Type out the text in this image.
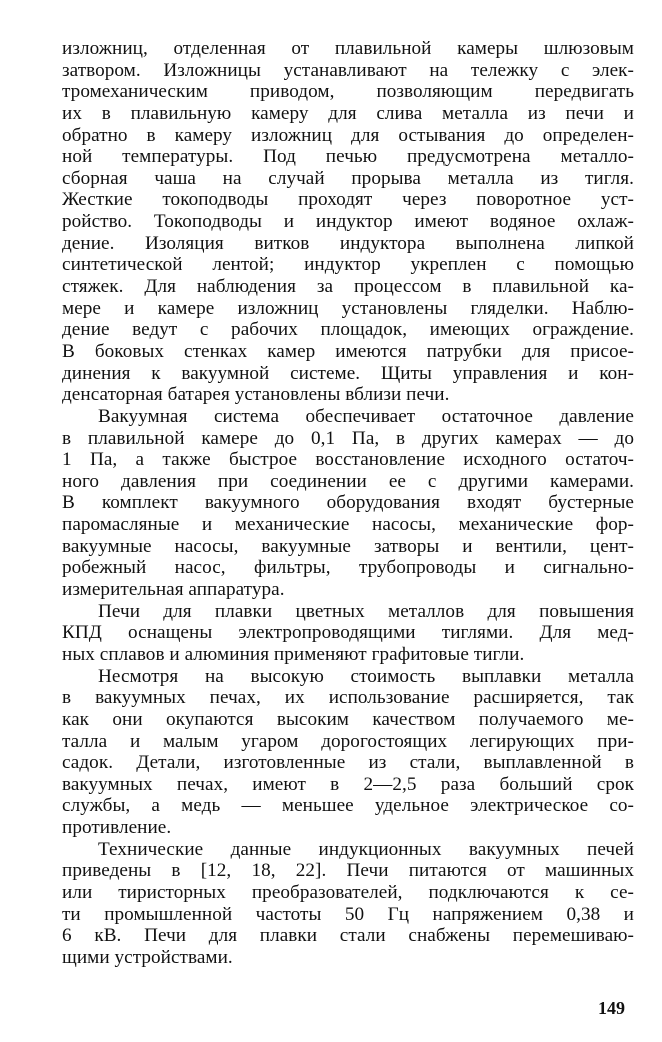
изложниц, отделенная от плавильной камеры шлюзовым
затвором. Изложницы устанавливают на тележку с элек-
тромеханическим приводом, позволяющим передвигать
их в плавильную камеру для слива металла из печи и
обратно в камеру изложниц для остывания до определен-
ной температуры. Под печью предусмотрена металло-
сборная чаша на случай прорыва металла из тигля.
Жесткие токоподводы проходят через поворотное уст-
ройство. Токоподводы и индуктор имеют водяное охлаж-
дение. Изоляция витков индуктора выполнена липкой
синтетической лентой; индуктор укреплен с помощью
стяжек. Для наблюдения за процессом в плавильной ка-
мере и камере изложниц установлены гляделки. Наблю-
дение ведут с рабочих площадок, имеющих ограждение.
В боковых стенках камер имеются патрубки для присое-
динения к вакуумной системе. Щиты управления и кон-
денсаторная батарея установлены вблизи печи.
Вакуумная система обеспечивает остаточное давление
в плавильной камере до 0,1 Па, в других камерах — до
1 Па, а также быстрое восстановление исходного остаточ-
ного давления при соединении ее с другими камерами.
В комплект вакуумного оборудования входят бустерные
паромасляные и механические насосы, механические фор-
вакуумные насосы, вакуумные затворы и вентили, цент-
робежный насос, фильтры, трубопроводы и сигнально-
измерительная аппаратура.
Печи для плавки цветных металлов для повышения
КПД оснащены электропроводящими тиглями. Для мед-
ных сплавов и алюминия применяют графитовые тигли.
Несмотря на высокую стоимость выплавки металла
в вакуумных печах, их использование расширяется, так
как они окупаются высоким качеством получаемого ме-
талла и малым угаром дорогостоящих легирующих при-
садок. Детали, изготовленные из стали, выплавленной в
вакуумных печах, имеют в 2—2,5 раза больший срок
службы, а медь — меньшее удельное электрическое со-
противление.
Технические данные индукционных вакуумных печей
приведены в [12, 18, 22]. Печи питаются от машинных
или тиристорных преобразователей, подключаются к се-
ти промышленной частоты 50 Гц напряжением 0,38 и
6 кВ. Печи для плавки стали снабжены перемешиваю-
щими устройствами.
149
